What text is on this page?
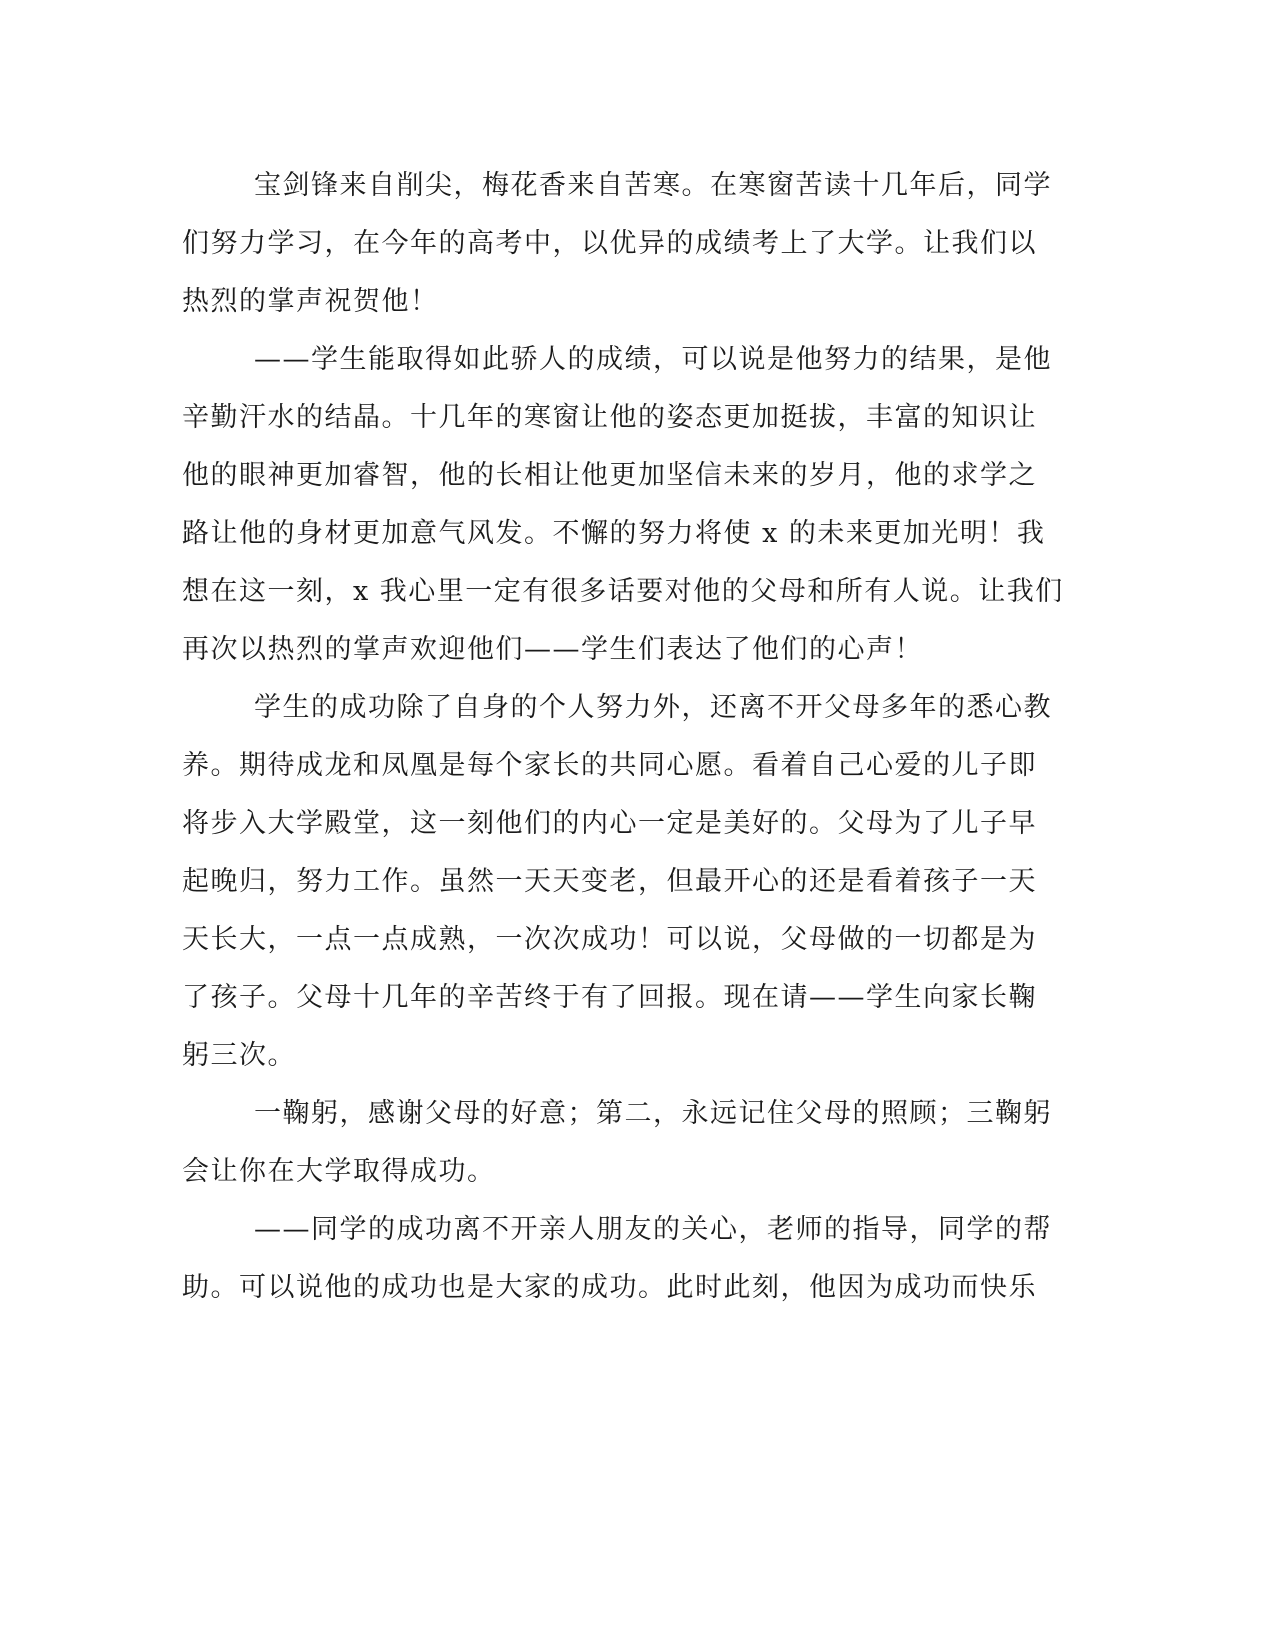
宝剑锋来自削尖，梅花香来自苦寒。在寒窗苦读十几年后，同学
们努力学习，在今年的高考中，以优异的成绩考上了大学。让我们以
热烈的掌声祝贺他！
——学生能取得如此骄人的成绩，可以说是他努力的结果，是他
辛勤汗水的结晶。十几年的寒窗让他的姿态更加挺拔，丰富的知识让
他的眼神更加睿智，他的长相让他更加坚信未来的岁月，他的求学之
路让他的身材更加意气风发。不懈的努力将使 x 的未来更加光明！我
想在这一刻，x 我心里一定有很多话要对他的父母和所有人说。让我们
再次以热烈的掌声欢迎他们——学生们表达了他们的心声！
学生的成功除了自身的个人努力外，还离不开父母多年的悉心教
养。期待成龙和凤凰是每个家长的共同心愿。看着自己心爱的儿子即
将步入大学殿堂，这一刻他们的内心一定是美好的。父母为了儿子早
起晚归，努力工作。虽然一天天变老，但最开心的还是看着孩子一天
天长大，一点一点成熟，一次次成功！可以说，父母做的一切都是为
了孩子。父母十几年的辛苦终于有了回报。现在请——学生向家长鞠
躬三次。
一鞠躬，感谢父母的好意；第二，永远记住父母的照顾；三鞠躬
会让你在大学取得成功。
——同学的成功离不开亲人朋友的关心，老师的指导，同学的帮
助。可以说他的成功也是大家的成功。此时此刻，他因为成功而快乐
